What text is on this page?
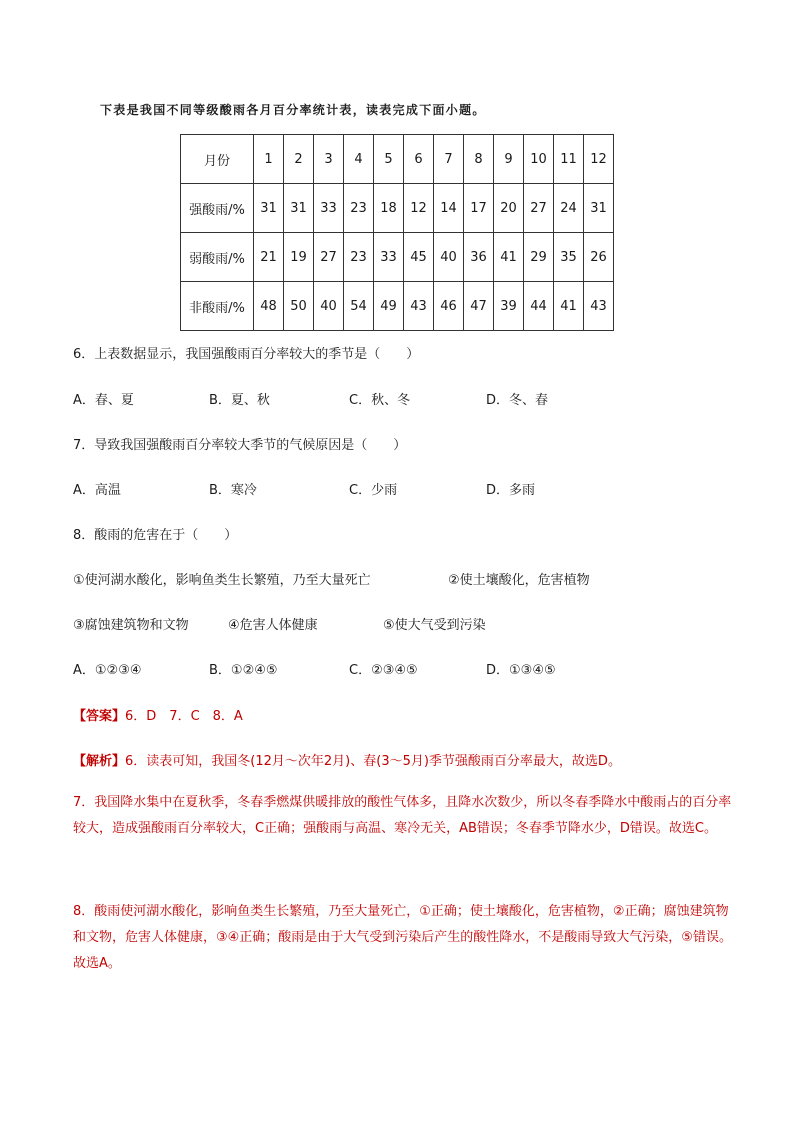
下表是我国不同等级酸雨各月百分率统计表，读表完成下面小题。
月份	1	2	3	4	5	6	7	8	9	10	11	12
强酸雨/%	31	31	33	23	18	12	14	17	20	27	24	31
弱酸雨/%	21	19	27	23	33	45	40	36	41	29	35	26
非酸雨/%	48	50	40	54	49	43	46	47	39	44	41	43
6．上表数据显示，我国强酸雨百分率较大的季节是（　　）
A．春、夏	B．夏、秋	C．秋、冬	D．冬、春
7．导致我国强酸雨百分率较大季节的气候原因是（　　）
A．高温	B．寒冷	C．少雨	D．多雨
8．酸雨的危害在于（　　）
①使河湖水酸化，影响鱼类生长繁殖，乃至大量死亡	②使土壤酸化，危害植物
③腐蚀建筑物和文物	④危害人体健康	⑤使大气受到污染
A．①②③④	B．①②④⑤	C．②③④⑤	D．①③④⑤
【答案】6．D　7．C　8．A
【解析】6．读表可知，我国冬(12月～次年2月)、春(3～5月)季节强酸雨百分率最大，故选D。
7．我国降水集中在夏秋季，冬春季燃煤供暖排放的酸性气体多，且降水次数少，所以冬春季降水中酸雨占的百分率较大，造成强酸雨百分率较大，C正确；强酸雨与高温、寒冷无关，AB错误；冬春季节降水少，D错误。故选C。
8．酸雨使河湖水酸化，影响鱼类生长繁殖，乃至大量死亡，①正确；使土壤酸化，危害植物，②正确；腐蚀建筑物和文物，危害人体健康，③④正确；酸雨是由于大气受到污染后产生的酸性降水，不是酸雨导致大气污染，⑤错误。故选A。
